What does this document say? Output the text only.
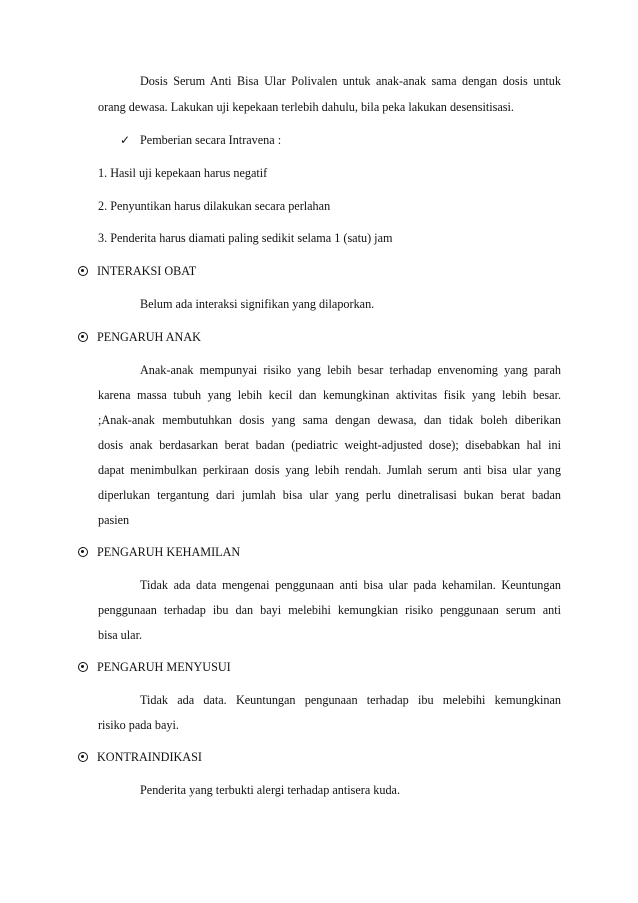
Dosis Serum Anti Bisa Ular Polivalen untuk anak-anak sama dengan dosis untuk
orang dewasa. Lakukan uji kepekaan terlebih dahulu, bila peka lakukan desensitisasi.
✓ Pemberian secara Intravena :
1. Hasil uji kepekaan harus negatif
2. Penyuntikan harus dilakukan secara perlahan
3. Penderita harus diamati paling sedikit selama 1 (satu) jam
INTERAKSI OBAT
Belum ada interaksi signifikan yang dilaporkan.
PENGARUH ANAK
Anak-anak mempunyai risiko yang lebih besar terhadap envenoming yang parah
karena massa tubuh yang lebih kecil dan kemungkinan aktivitas fisik yang lebih besar.
;Anak-anak membutuhkan dosis yang sama dengan dewasa, dan tidak boleh diberikan
dosis anak berdasarkan berat badan (pediatric weight-adjusted dose); disebabkan hal ini
dapat menimbulkan perkiraan dosis yang lebih rendah. Jumlah serum anti bisa ular yang
diperlukan tergantung dari jumlah bisa ular yang perlu dinetralisasi bukan berat badan
pasien
PENGARUH KEHAMILAN
Tidak ada data mengenai penggunaan anti bisa ular pada kehamilan. Keuntungan
penggunaan terhadap ibu dan bayi melebihi kemungkian risiko penggunaan serum anti
bisa ular.
PENGARUH MENYUSUI
Tidak ada data. Keuntungan pengunaan terhadap ibu melebihi kemungkinan
risiko pada bayi.
KONTRAINDIKASI
Penderita yang terbukti alergi terhadap antisera kuda.
